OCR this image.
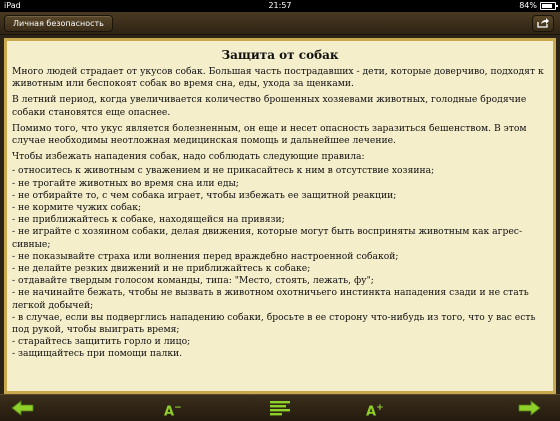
iPad	21:57	84%
Личная безопасность
Защита от собак

Много людей страдает от укусов собак. Большая часть пострадавших - дети, которые доверчиво, подходят к животным или беспокоят собак во время сна, еды, ухода за щенками.

В летний период, когда увеличивается количество брошенных хозяевами животных, голодные бродячие собаки становятся еще опаснее.

Помимо того, что укус является болезненным, он еще и несет опасность заразиться бешенством. В этом случае необходимы неотложная медицинская помощь и дальнейшее лечение.

Чтобы избежать нападения собак, надо соблюдать следующие правила:

- относитесь к животным с уважением и не прикасайтесь к ним в отсутствие хозяина;
- не трогайте животных во время сна или еды;
- не отбирайте то, с чем собака играет, чтобы избежать ее защитной реакции;
- не кормите чужих собак;
- не приближайтесь к собаке, находящейся на привязи;
- не играйте с хозяином собаки, делая движения, которые могут быть восприняты животным как агрессивные;
- не показывайте страха или волнения перед враждебно настроенной собакой;
- не делайте резких движений и не приближайтесь к собаке;
- отдавайте твердым голосом команды, типа: "Место, стоять, лежать, фу";
- не начинайте бежать, чтобы не вызвать в животном охотничьего инстинкта нападения сзади и не стать легкой добычей;
- в случае, если вы подверглись нападению собаки, бросьте в ее сторону что-нибудь из того, что у вас есть под рукой, чтобы выиграть время;
- старайтесь защитить горло и лицо;
- защищайтесь при помощи палки.
A−	A+
